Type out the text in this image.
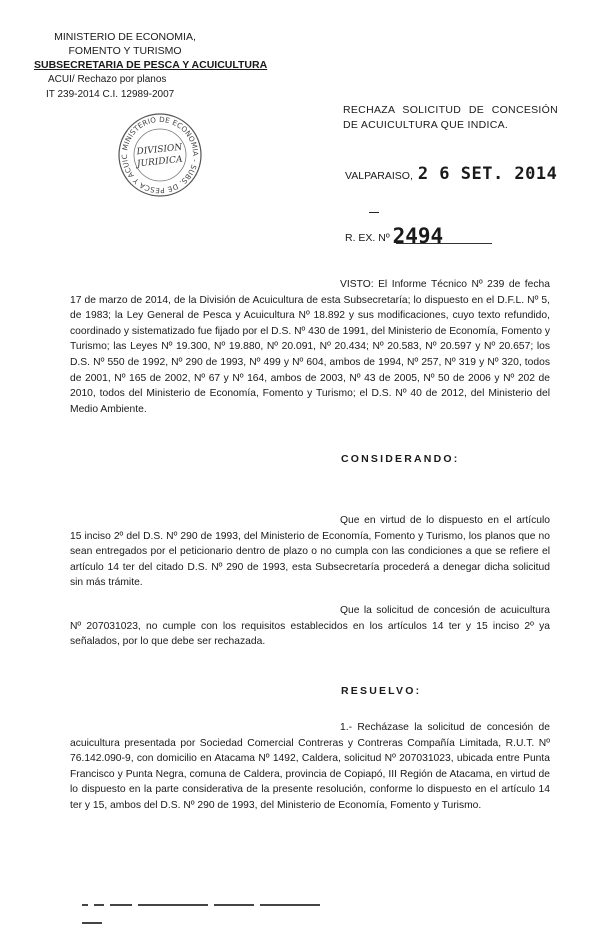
MINISTERIO DE ECONOMIA,
FOMENTO Y TURISMO
SUBSECRETARIA DE PESCA Y ACUICULTURA
ACUI/ Rechazo por planos
IT 239-2014 C.I. 12989-2007
MINISTERIO DE ECONOMIA - SUBS. DE PESCA Y ACUIC DIVISION
JURIDICA
RECHAZA SOLICITUD DE CONCESIÓN DE ACUICULTURA QUE INDICA.
VALPARAISO, 2 6 SET. 2014
R. EX. Nº 2494
VISTO: El Informe Técnico Nº 239 de fecha 17 de marzo de 2014, de la División de Acuicultura de esta Subsecretaría; lo dispuesto en el D.F.L. Nº 5, de 1983; la Ley General de Pesca y Acuicultura Nº 18.892 y sus modificaciones, cuyo texto refundido, coordinado y sistematizado fue fijado por el D.S. Nº 430 de 1991, del Ministerio de Economía, Fomento y Turismo; las Leyes Nº 19.300, Nº 19.880, Nº 20.091, Nº 20.434; Nº 20.583, Nº 20.597 y Nº 20.657; los D.S. Nº 550 de 1992, Nº 290 de 1993, Nº 499 y Nº 604, ambos de 1994, Nº 257, Nº 319 y Nº 320, todos de 2001, Nº 165 de 2002, Nº 67 y Nº 164, ambos de 2003, Nº 43 de 2005, Nº 50 de 2006 y Nº 202 de 2010, todos del Ministerio de Economía, Fomento y Turismo; el D.S. Nº 40 de 2012, del Ministerio del Medio Ambiente.
CONSIDERANDO:
Que en virtud de lo dispuesto en el artículo 15 inciso 2º del D.S. Nº 290 de 1993, del Ministerio de Economía, Fomento y Turismo, los planos que no sean entregados por el peticionario dentro de plazo o no cumpla con las condiciones a que se refiere el artículo 14 ter del citado D.S. Nº 290 de 1993, esta Subsecretaría procederá a denegar dicha solicitud sin más trámite.
Que la solicitud de concesión de acuicultura Nº 207031023, no cumple con los requisitos establecidos en los artículos 14 ter y 15 inciso 2º ya señalados, por lo que debe ser rechazada.
RESUELVO:
1.- Recházase la solicitud de concesión de acuicultura presentada por Sociedad Comercial Contreras y Contreras Compañía Limitada, R.U.T. Nº 76.142.090-9, con domicilio en Atacama Nº 1492, Caldera, solicitud Nº 207031023, ubicada entre Punta Francisco y Punta Negra, comuna de Caldera, provincia de Copiapó, III Región de Atacama, en virtud de lo dispuesto en la parte considerativa de la presente resolución, conforme lo dispuesto en el artículo 14 ter y 15, ambos del D.S. Nº 290 de 1993, del Ministerio de Economía, Fomento y Turismo.
